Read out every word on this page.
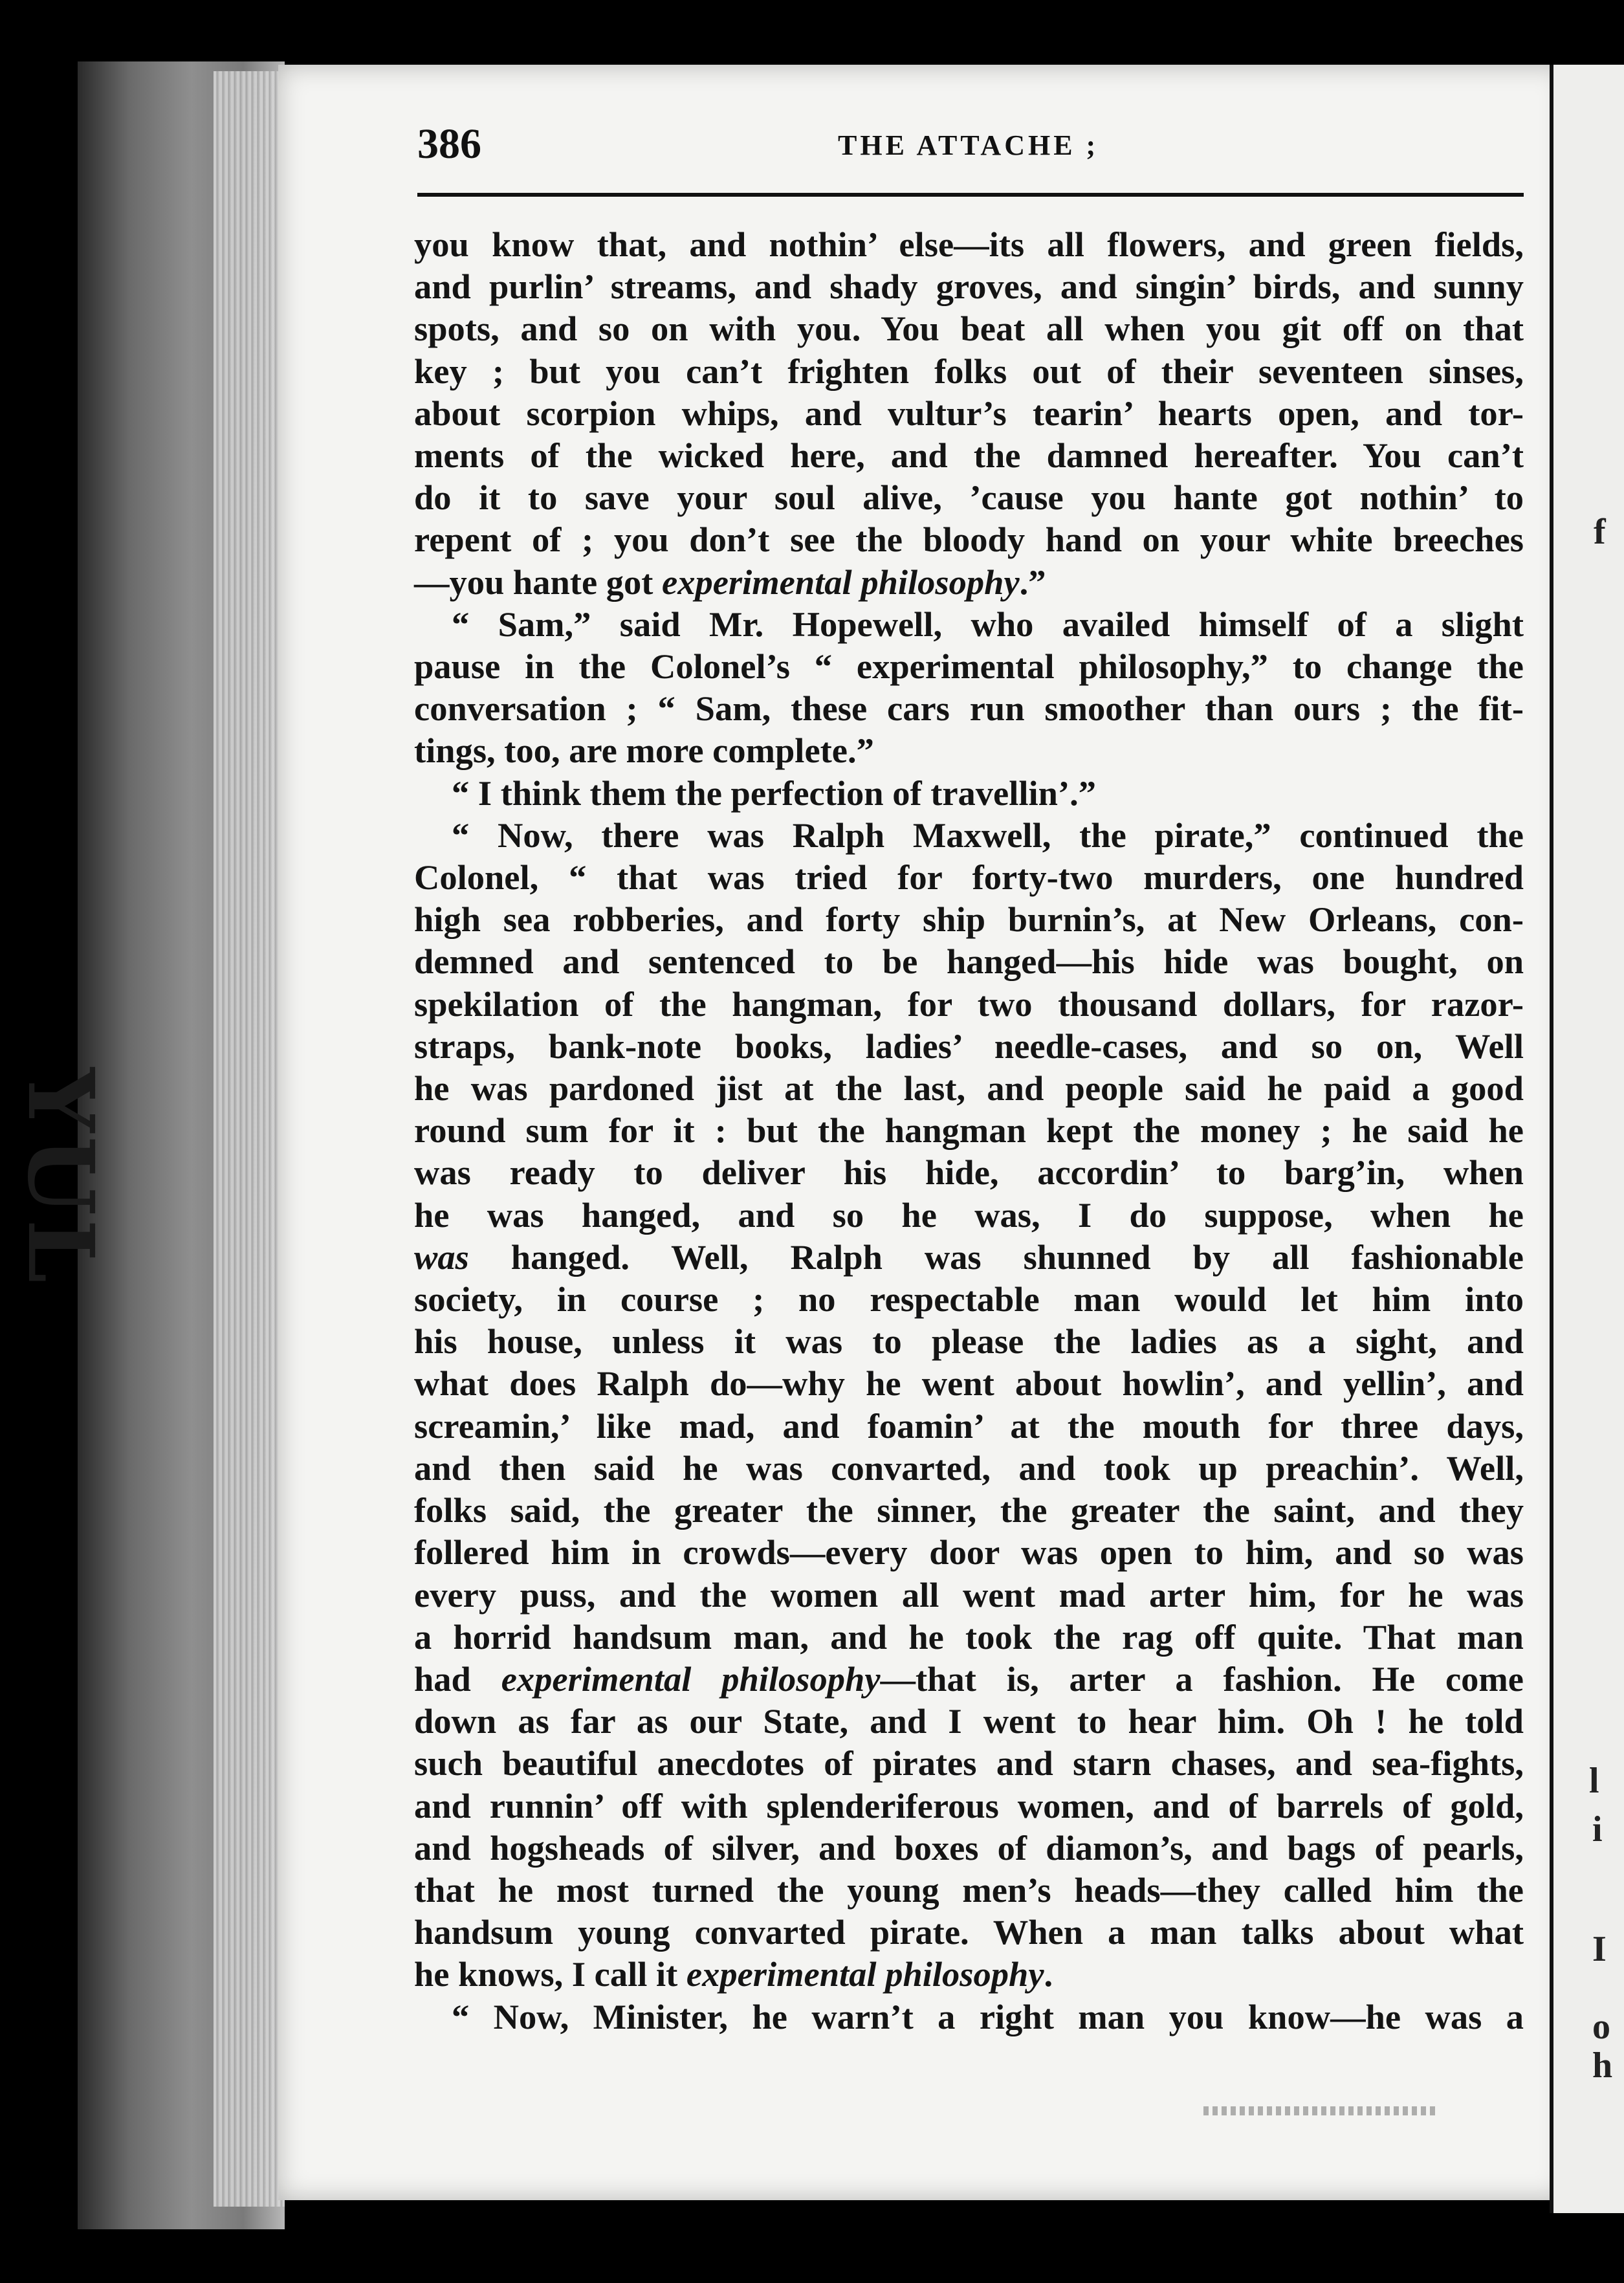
YUL
f
l
i
I
o
h
386	THE ATTACHE ;
you know that, and nothin’ else—its all flowers, and green fields,
and purlin’ streams, and shady groves, and singin’ birds, and sunny
spots, and so on with you. You beat all when you git off on that
key ; but you can’t frighten folks out of their seventeen sinses,
about scorpion whips, and vultur’s tearin’ hearts open, and tor-
ments of the wicked here, and the damned hereafter. You can’t
do it to save your soul alive, ’cause you hante got nothin’ to
repent of ; you don’t see the bloody hand on your white breeches
—you hante got experimental philosophy.”
“ Sam,” said Mr. Hopewell, who availed himself of a slight
pause in the Colonel’s “ experimental philosophy,” to change the
conversation ; “ Sam, these cars run smoother than ours ; the fit-
tings, too, are more complete.”
“ I think them the perfection of travellin’.”
“ Now, there was Ralph Maxwell, the pirate,” continued the
Colonel, “ that was tried for forty-two murders, one hundred
high sea robberies, and forty ship burnin’s, at New Orleans, con-
demned and sentenced to be hanged—his hide was bought, on
spekilation of the hangman, for two thousand dollars, for razor-
straps, bank-note books, ladies’ needle-cases, and so on, Well
he was pardoned jist at the last, and people said he paid a good
round sum for it : but the hangman kept the money ; he said he
was ready to deliver his hide, accordin’ to barg’in, when
he was hanged, and so he was, I do suppose, when he
was hanged. Well, Ralph was shunned by all fashionable
society, in course ; no respectable man would let him into
his house, unless it was to please the ladies as a sight, and
what does Ralph do—why he went about howlin’, and yellin’, and
screamin,’ like mad, and foamin’ at the mouth for three days,
and then said he was convarted, and took up preachin’. Well,
folks said, the greater the sinner, the greater the saint, and they
follered him in crowds—every door was open to him, and so was
every puss, and the women all went mad arter him, for he was
a horrid handsum man, and he took the rag off quite. That man
had experimental philosophy—that is, arter a fashion. He come
down as far as our State, and I went to hear him. Oh ! he told
such beautiful anecdotes of pirates and starn chases, and sea-fights,
and runnin’ off with splenderiferous women, and of barrels of gold,
and hogsheads of silver, and boxes of diamon’s, and bags of pearls,
that he most turned the young men’s heads—they called him the
handsum young convarted pirate. When a man talks about what
he knows, I call it experimental philosophy.
“ Now, Minister, he warn’t a right man you know—he was a
